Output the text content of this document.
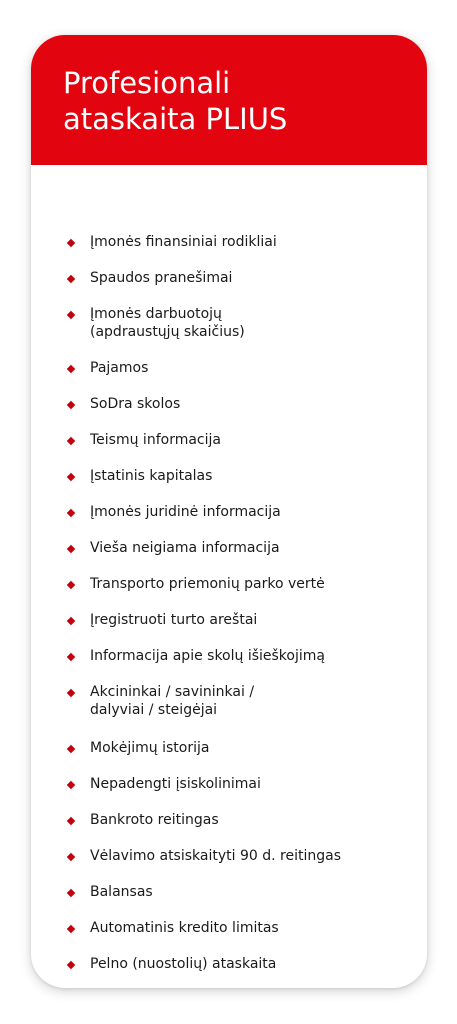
Profesionali
ataskaita PLIUS
Įmonės finansiniai rodikliai
Spaudos pranešimai
Įmonės darbuotojų
(apdraustųjų skaičius)
Pajamos
SoDra skolos
Teismų informacija
Įstatinis kapitalas
Įmonės juridinė informacija
Vieša neigiama informacija
Transporto priemonių parko vertė
Įregistruoti turto areštai
Informacija apie skolų išieškojimą
Akcininkai / savininkai /
dalyviai / steigėjai
Mokėjimų istorija
Nepadengti įsiskolinimai
Bankroto reitingas
Vėlavimo atsiskaityti 90 d. reitingas
Balansas
Automatinis kredito limitas
Pelno (nuostolių) ataskaita
